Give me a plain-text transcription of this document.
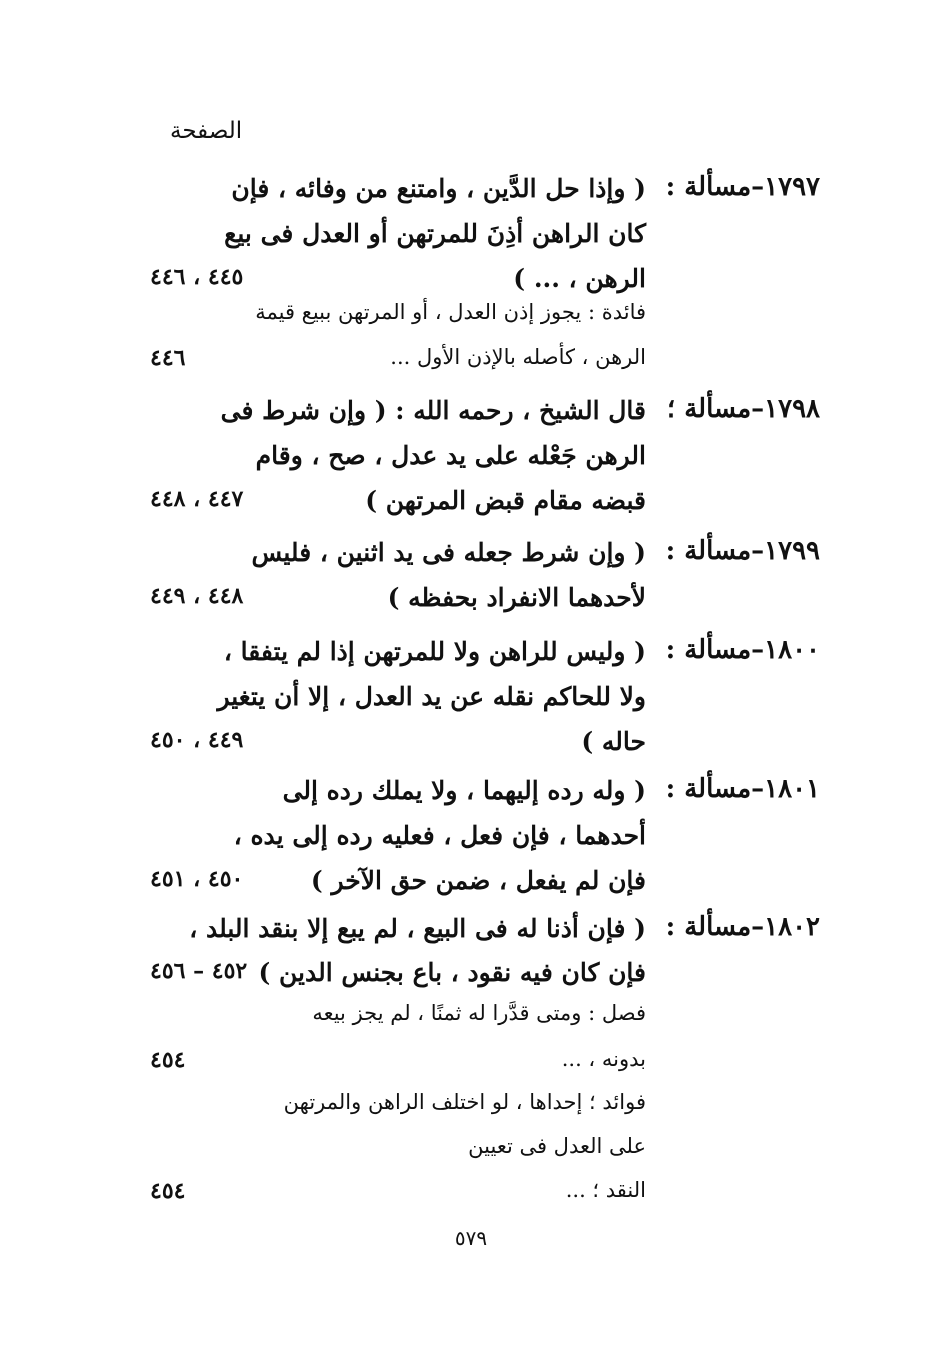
الصفحة
١٧٩٧–مسألة :
( وإذا حل الدَّين ، وامتنع من وفائه ، فإن
كان الراهن أذِنَ للمرتهن أو العدل فى بيع
الرهن ، ... )
٤٤٥ ، ٤٤٦
فائدة : يجوز إذن العدل ، أو المرتهن ببيع قيمة
الرهن ، كأصله بالإذن الأول ...
٤٤٦
١٧٩٨–مسألة ؛
قال الشيخ ، رحمه الله : ( وإن شرط فى
الرهن جَعْله على يد عدل ، صح ، وقام
قبضه مقام قبض المرتهن )
٤٤٧ ، ٤٤٨
١٧٩٩–مسألة :
( وإن شرط جعله فى يد اثنين ، فليس
لأحدهما الانفراد بحفظه )
٤٤٨ ، ٤٤٩
١٨٠٠–مسألة :
( وليس للراهن ولا للمرتهن إذا لم يتفقا ،
ولا للحاكم نقله عن يد العدل ، إلا أن يتغير
حاله )
٤٤٩ ، ٤٥٠
١٨٠١–مسألة :
( وله رده إليهما ، ولا يملك رده إلى
أحدهما ، فإن فعل ، فعليه رده إلى يده ،
فإن لم يفعل ، ضمن حق الآخر )
٤٥٠ ، ٤٥١
١٨٠٢–مسألة :
( فإن أذنا له فى البيع ، لم يبع إلا بنقد البلد ،
فإن كان فيه نقود ، باع بجنس الدين )
٤٥٢ – ٤٥٦
فصل : ومتى قدَّرا له ثمنًا ، لم يجز بيعه
بدونه ، ...
٤٥٤
فوائد ؛ إحداها ، لو اختلف الراهن والمرتهن
على العدل فى تعيين
النقد ؛ ...
٤٥٤
٥٧٩
